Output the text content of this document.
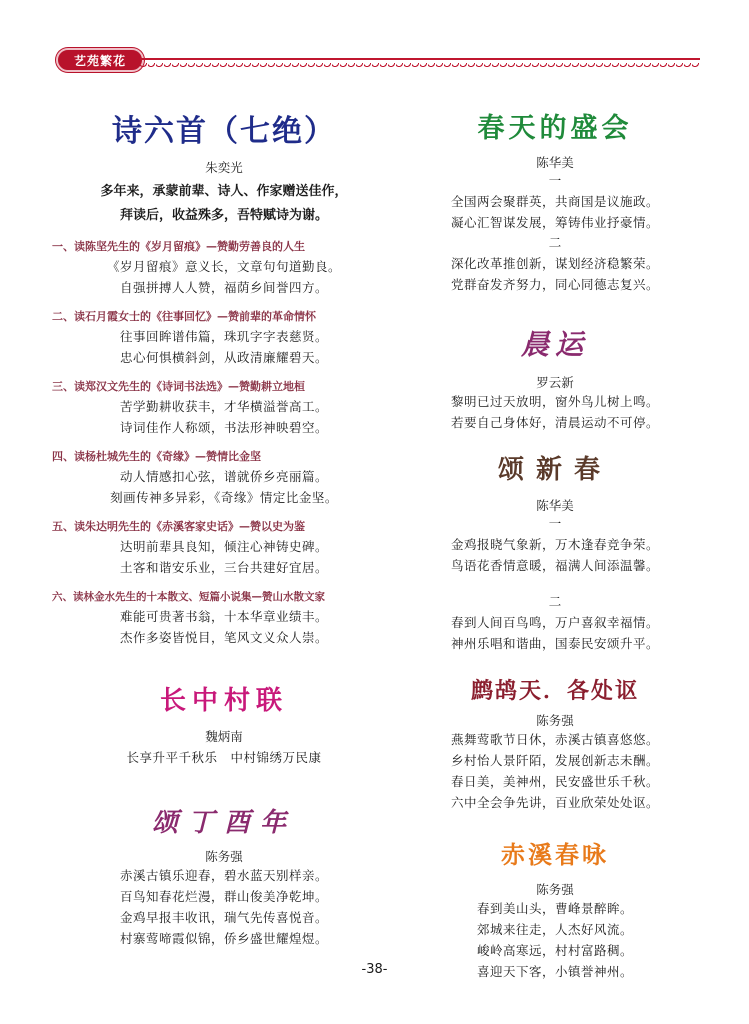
艺苑繁花
诗六首（七绝）
朱奕光
多年来，承蒙前辈、诗人、作家赠送佳作，
拜读后，收益殊多，吾特赋诗为谢。
一、读陈坚先生的《岁月留痕》—赞勤劳善良的人生
《岁月留痕》意义长，文章句句道勤良。
自强拼搏人人赞，福荫乡间誉四方。
二、读石月霞女士的《往事回忆》—赞前辈的革命情怀
往事回眸谱伟篇，珠玑字字表慈贤。
忠心何惧横斜剑，从政清廉耀碧天。
三、读郑汉文先生的《诗词书法选》—赞勤耕立地桓
苦学勤耕收获丰，才华横溢誉高工。
诗词佳作人称颂，书法形神映碧空。
四、读杨杜城先生的《奇缘》—赞情比金坚
动人情感扣心弦，谱就侨乡亮丽篇。
刻画传神多异彩，《奇缘》情定比金坚。
五、读朱达明先生的《赤溪客家史话》—赞以史为鉴
达明前辈具良知，倾注心神铸史碑。
土客和谐安乐业，三台共建好宜居。
六、读林金水先生的十本散文、短篇小说集—赞山水散文家
难能可贵著书翁，十本华章业绩丰。
杰作多姿皆悦目，笔风文义众人崇。
长中村联
魏炳南
长享升平千秋乐　中村锦绣万民康
颂丁酉年
陈务强
赤溪古镇乐迎春，碧水蓝天别样亲。
百鸟知春花烂漫，群山俊美净乾坤。
金鸡早报丰收讯，瑞气先传喜悦音。
村寨莺啼霞似锦，侨乡盛世耀煌煜。
春天的盛会
陈华美
一
全国两会聚群英，共商国是议施政。
凝心汇智谋发展，筹铸伟业抒豪情。
二
深化改革推创新，谋划经济稳繁荣。
党群奋发齐努力，同心同德志复兴。
晨运
罗云新
黎明已过天放明，窗外鸟儿树上鸣。
若要自己身体好，清晨运动不可停。
颂新春
陈华美
一
金鸡报晓气象新，万木逢春竞争荣。
鸟语花香情意暖，福满人间添温馨。
二
春到人间百鸟鸣，万户喜叙幸福情。
神州乐唱和谐曲，国泰民安颂升平。
鹧鸪天．各处讴
陈务强
燕舞莺歌节日休，赤溪古镇喜悠悠。
乡村怡人景阡陌，发展创新志未酬。
春日美，美神州，民安盛世乐千秋。
六中全会争先讲，百业欣荣处处讴。
赤溪春咏
陈务强
春到美山头，曹峰景醉眸。
郊城来往走，人杰好风流。
峻岭高寒远，村村富路稠。
喜迎天下客，小镇誉神州。
-38-
